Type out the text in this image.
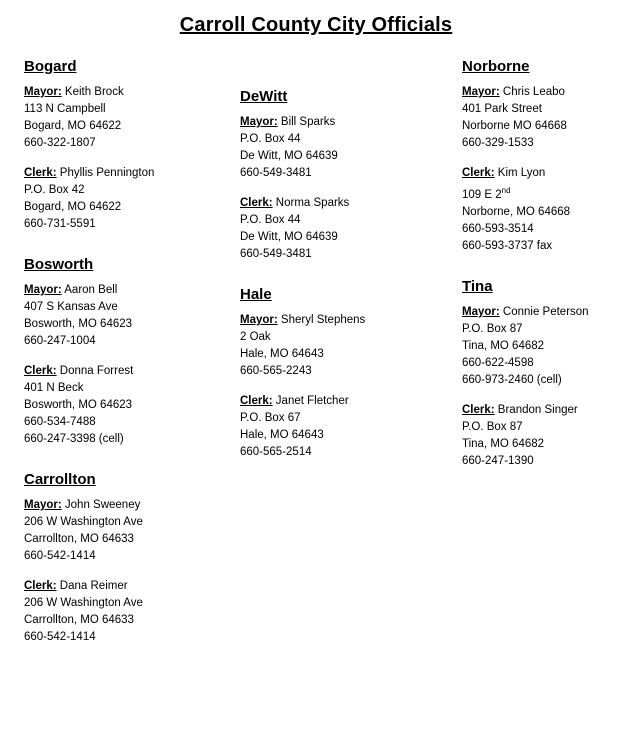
Carroll County City Officials
Bogard
Mayor: Keith Brock
113 N Campbell
Bogard, MO 64622
660-322-1807
Clerk: Phyllis Pennington
P.O. Box 42
Bogard, MO 64622
660-731-5591
Bosworth
Mayor: Aaron Bell
407 S Kansas Ave
Bosworth, MO 64623
660-247-1004
Clerk: Donna Forrest
401 N Beck
Bosworth, MO 64623
660-534-7488
660-247-3398 (cell)
Carrollton
Mayor: John Sweeney
206 W Washington Ave
Carrollton, MO 64633
660-542-1414
Clerk: Dana Reimer
206 W Washington Ave
Carrollton, MO 64633
660-542-1414
DeWitt
Mayor: Bill Sparks
P.O. Box 44
De Witt, MO 64639
660-549-3481
Clerk: Norma Sparks
P.O. Box 44
De Witt, MO 64639
660-549-3481
Hale
Mayor: Sheryl Stephens
2 Oak
Hale, MO 64643
660-565-2243
Clerk: Janet Fletcher
P.O. Box 67
Hale, MO 64643
660-565-2514
Norborne
Mayor: Chris Leabo
401 Park Street
Norborne MO 64668
660-329-1533
Clerk: Kim Lyon
109 E 2nd
Norborne, MO 64668
660-593-3514
660-593-3737 fax
Tina
Mayor: Connie Peterson
P.O. Box 87
Tina, MO 64682
660-622-4598
660-973-2460 (cell)
Clerk: Brandon Singer
P.O. Box 87
Tina, MO 64682
660-247-1390
